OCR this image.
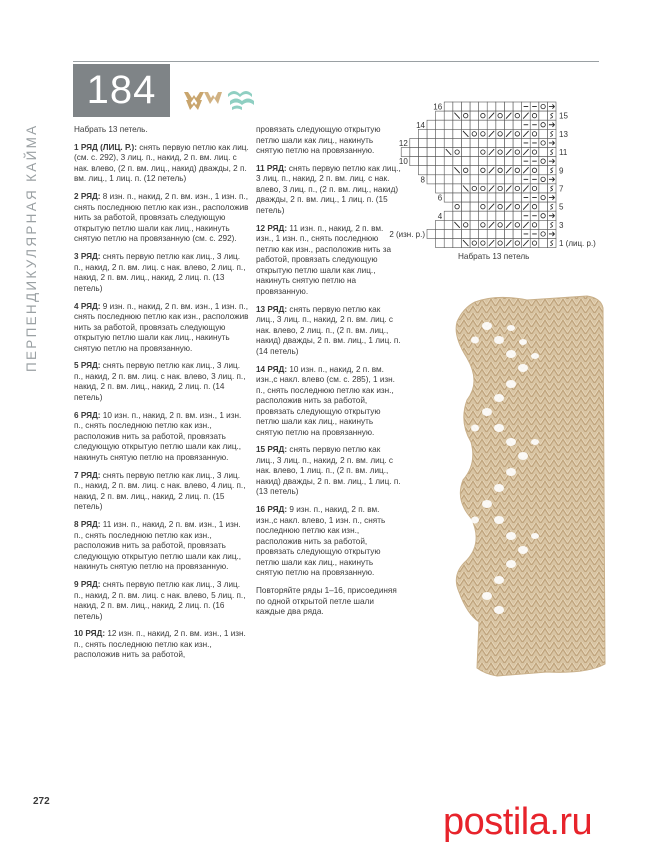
ПЕРПЕНДИКУЛЯРНАЯ КАЙМА
184

Набрать 13 петель.

1 РЯД (ЛИЦ. Р.): снять первую петлю как лиц. (см. с. 292), 3 лиц. п., накид, 2 п. вм. лиц. с нак. влево, (2 п. вм. лиц., накид) дважды, 2 п. вм. лиц., 1 лиц. п. (12 петель)

2 РЯД: 8 изн. п., накид, 2 п. вм. изн., 1 изн. п., снять последнюю петлю как изн., расположив нить за работой, провязать следующую открытую петлю шали как лиц., накинуть снятую петлю на провязанную (см. с. 292).

3 РЯД: снять первую петлю как лиц., 3 лиц. п., накид, 2 п. вм. лиц. с нак. влево, 2 лиц. п., накид, 2 п. вм. лиц., накид, 2 лиц. п. (13 петель)

4 РЯД: 9 изн. п., накид, 2 п. вм. изн., 1 изн. п., снять последнюю петлю как изн., расположив нить за работой, провязать следующую открытую петлю шали как лиц., накинуть снятую петлю на провязанную.

5 РЯД: снять первую петлю как лиц., 3 лиц. п., накид, 2 п. вм. лиц. с нак. влево, 3 лиц. п., накид, 2 п. вм. лиц., накид, 2 лиц. п. (14 петель)

6 РЯД: 10 изн. п., накид, 2 п. вм. изн., 1 изн. п., снять последнюю петлю как изн., расположив нить за работой, провязать следующую открытую петлю шали как лиц., накинуть снятую петлю на провязанную.

7 РЯД: снять первую петлю как лиц., 3 лиц. п., накид, 2 п. вм. лиц. с нак. влево, 4 лиц. п., накид, 2 п. вм. лиц., накид, 2 лиц. п. (15 петель)

8 РЯД: 11 изн. п., накид, 2 п. вм. изн., 1 изн. п., снять последнюю петлю как изн., расположив нить за работой, провязать следующую открытую петлю шали как лиц., накинуть снятую петлю на провязанную.

9 РЯД: снять первую петлю как лиц., 3 лиц. п., накид, 2 п. вм. лиц. с нак. влево, 5 лиц. п., накид, 2 п. вм. лиц., накид, 2 лиц. п. (16 петель)

10 РЯД: 12 изн. п., накид, 2 п. вм. изн., 1 изн. п., снять последнюю петлю как изн., расположив нить за работой,

провязать следующую открытую петлю шали как лиц., накинуть снятую петлю на провязанную.

11 РЯД: снять первую петлю как лиц., 3 лиц. п., накид, 2 п. вм. лиц. с нак. влево, 3 лиц. п., (2 п. вм. лиц., накид) дважды, 2 п. вм. лиц., 1 лиц. п. (15 петель)

12 РЯД: 11 изн. п., накид, 2 п. вм. изн., 1 изн. п., снять последнюю петлю как изн., расположив нить за работой, провязать следующую открытую петлю шали как лиц., накинуть снятую петлю на провязанную.

13 РЯД: снять первую петлю как лиц., 3 лиц. п., накид, 2 п. вм. лиц. с нак. влево, 2 лиц. п., (2 п. вм. лиц., накид) дважды, 2 п. вм. лиц., 1 лиц. п. (14 петель)

14 РЯД: 10 изн. п., накид, 2 п. вм. изн.,с накл. влево (см. с. 285), 1 изн. п., снять последнюю петлю как изн., расположив нить за работой, провязать следующую открытую петлю шали как лиц., накинуть снятую петлю на провязанную.

15 РЯД: снять первую петлю как лиц., 3 лиц. п., накид, 2 п. вм. лиц. с нак. влево, 1 лиц. п., (2 п. вм. лиц., накид) дважды, 2 п. вм. лиц., 1 лиц. п. (13 петель)

16 РЯД: 9 изн. п., накид, 2 п. вм. изн.,с накл. влево, 1 изн. п., снять последнюю петлю как изн., расположив нить за работой, провязать следующую открытую петлю шали как лиц., накинуть снятую петлю на провязанную.

Повторяйте ряды 1–16, присоединяя по одной открытой петле шали каждые два ряда.

16
14
12
10
8
6
4
2 (изн. р.)
15
13
11
9
7
5
3
1 (лиц. р.)
Набрать 13 петель
272	postila.ru
